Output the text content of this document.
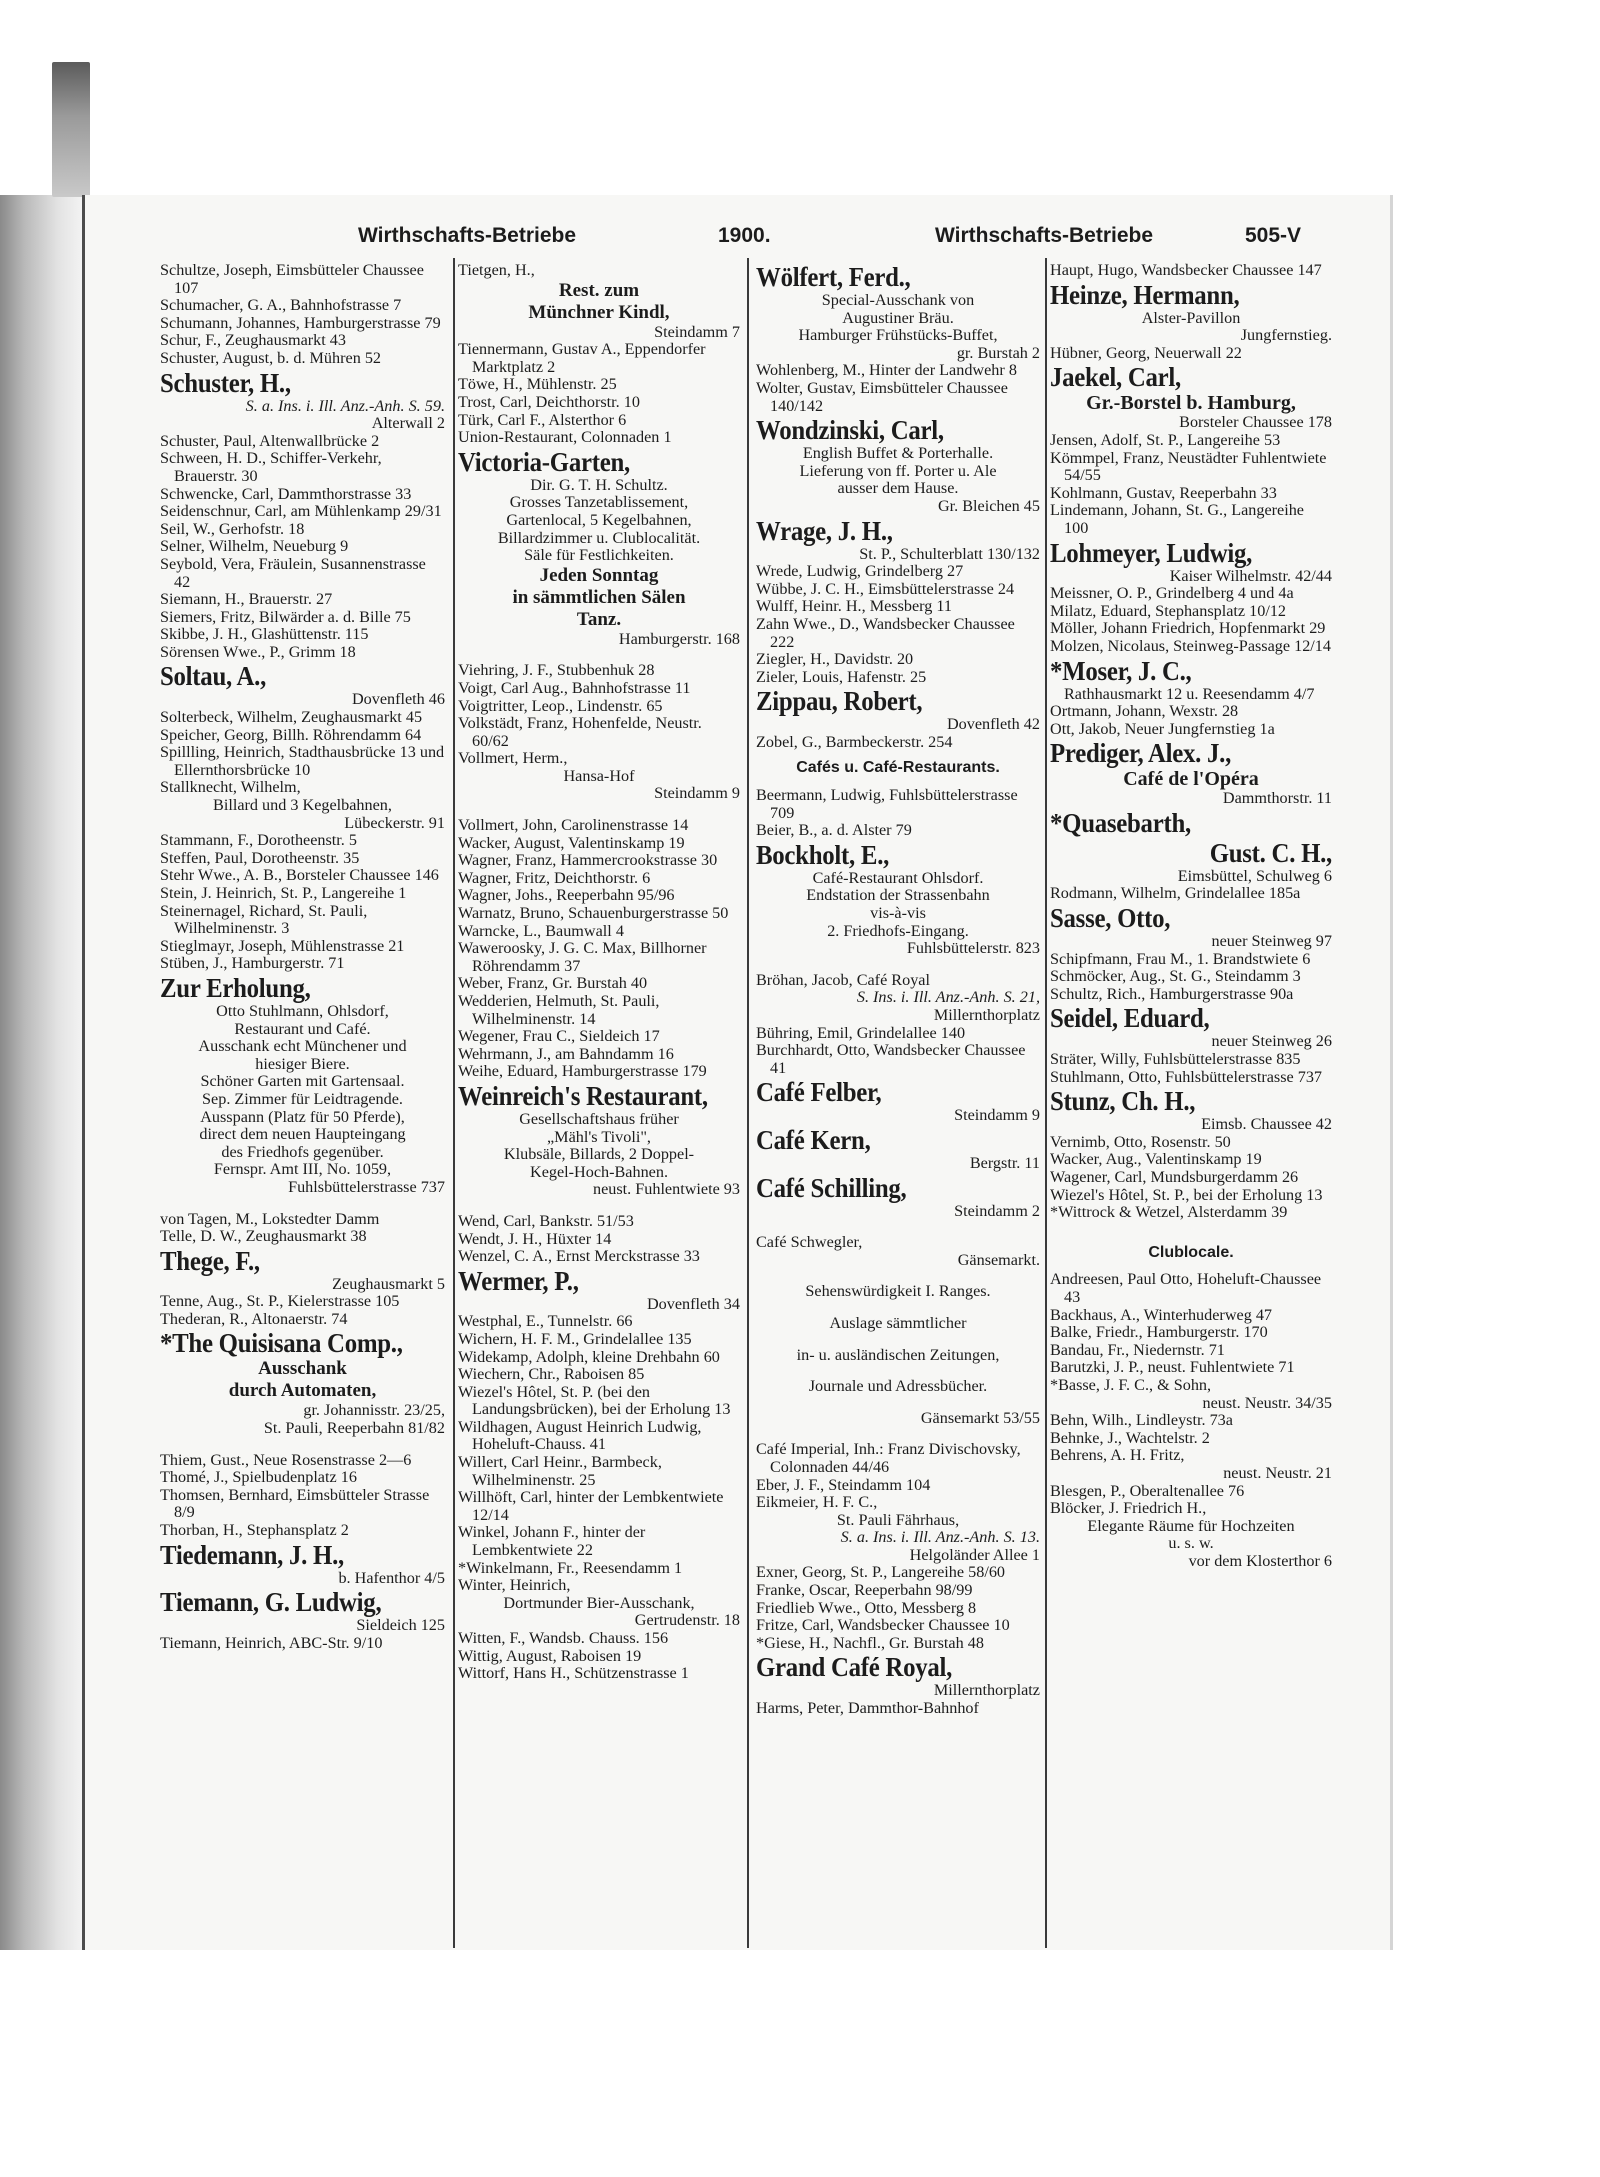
Wirthschafts-Betriebe	1900.	Wirthschafts-Betriebe	505-V
Schultze, Joseph, Eimsbütteler Chaussee 107
Schumacher, G. A., Bahnhofstrasse 7
Schumann, Johannes, Hamburgerstrasse 79
Schur, F., Zeughausmarkt 43
Schuster, August, b. d. Mühren 52
Schuster, H.,
S. a. Ins. i. Ill. Anz.-Anh. S. 59.
Alterwall 2
Schuster, Paul, Altenwallbrücke 2
Schween, H. D., Schiffer-Verkehr, Brauerstr. 30
Schwencke, Carl, Dammthorstrasse 33
Seidenschnur, Carl, am Mühlenkamp 29/31
Seil, W., Gerhofstr. 18
Selner, Wilhelm, Neueburg 9
Seybold, Vera, Fräulein, Susannenstrasse 42
Siemann, H., Brauerstr. 27
Siemers, Fritz, Bilwärder a. d. Bille 75
Skibbe, J. H., Glashüttenstr. 115
Sörensen Wwe., P., Grimm 18
Soltau, A.,
Dovenfleth 46
Solterbeck, Wilhelm, Zeughausmarkt 45
Speicher, Georg, Billh. Röhrendamm 64
Spillling, Heinrich, Stadthausbrücke 13 und Ellernthorsbrücke 10
Stallknecht, Wilhelm,
Billard und 3 Kegelbahnen,
Lübeckerstr. 91
Stammann, F., Dorotheenstr. 5
Steffen, Paul, Dorotheenstr. 35
Stehr Wwe., A. B., Borsteler Chaussee 146
Stein, J. Heinrich, St. P., Langereihe 1
Steinernagel, Richard, St. Pauli, Wilhelminenstr. 3
Stieglmayr, Joseph, Mühlenstrasse 21
Stüben, J., Hamburgerstr. 71
Zur Erholung,
Otto Stuhlmann, Ohlsdorf,
Restaurant und Café.
Ausschank echt Münchener und
hiesiger Biere.
Schöner Garten mit Gartensaal.
Sep. Zimmer für Leidtragende.
Ausspann (Platz für 50 Pferde),
direct dem neuen Haupteingang
des Friedhofs gegenüber.
Fernspr. Amt III, No. 1059,
Fuhlsbüttelerstrasse 737
von Tagen, M., Lokstedter Damm
Telle, D. W., Zeughausmarkt 38
Thege, F.,
Zeughausmarkt 5
Tenne, Aug., St. P., Kielerstrasse 105
Thederan, R., Altonaerstr. 74
*The Quisisana Comp.,
Ausschank
durch Automaten,
gr. Johannisstr. 23/25,
St. Pauli, Reeperbahn 81/82
Thiem, Gust., Neue Rosenstrasse 2—6
Thomé, J., Spielbudenplatz 16
Thomsen, Bernhard, Eimsbütteler Strasse 8/9
Thorban, H., Stephansplatz 2
Tiedemann, J. H.,
b. Hafenthor 4/5
Tiemann, G. Ludwig,
Sieldeich 125
Tiemann, Heinrich, ABC-Str. 9/10
Tietgen, H.,
Rest. zum
Münchner Kindl,
Steindamm 7
Tiennermann, Gustav A., Eppendorfer Marktplatz 2
Töwe, H., Mühlenstr. 25
Trost, Carl, Deichthorstr. 10
Türk, Carl F., Alsterthor 6
Union-Restaurant, Colonnaden 1
Victoria-Garten,
Dir. G. T. H. Schultz.
Grosses Tanzetablissement,
Gartenlocal, 5 Kegelbahnen,
Billardzimmer u. Clublocalität.
Säle für Festlichkeiten.
Jeden Sonntag
in sämmtlichen Sälen
Tanz.
Hamburgerstr. 168
Viehring, J. F., Stubbenhuk 28
Voigt, Carl Aug., Bahnhofstrasse 11
Voigtritter, Leop., Lindenstr. 65
Volkstädt, Franz, Hohenfelde, Neustr. 60/62
Vollmert, Herm.,
Hansa-Hof
Steindamm 9
Vollmert, John, Carolinenstrasse 14
Wacker, August, Valentinskamp 19
Wagner, Franz, Hammercrookstrasse 30
Wagner, Fritz, Deichthorstr. 6
Wagner, Johs., Reeperbahn 95/96
Warnatz, Bruno, Schauenburgerstrasse 50
Warncke, L., Baumwall 4
Waweroosky, J. G. C. Max, Billhorner Röhrendamm 37
Weber, Franz, Gr. Burstah 40
Wedderien, Helmuth, St. Pauli, Wilhelminenstr. 14
Wegener, Frau C., Sieldeich 17
Wehrmann, J., am Bahndamm 16
Weihe, Eduard, Hamburgerstrasse 179
Weinreich's Restaurant,
Gesellschaftshaus früher
„Mähl's Tivoli",
Klubsäle, Billards, 2 Doppel-
Kegel-Hoch-Bahnen.
neust. Fuhlentwiete 93
Wend, Carl, Bankstr. 51/53
Wendt, J. H., Hüxter 14
Wenzel, C. A., Ernst Merckstrasse 33
Wermer, P.,
Dovenfleth 34
Westphal, E., Tunnelstr. 66
Wichern, H. F. M., Grindelallee 135
Widekamp, Adolph, kleine Drehbahn 60
Wiechern, Chr., Raboisen 85
Wiezel's Hôtel, St. P. (bei den Landungsbrücken), bei der Erholung 13
Wildhagen, August Heinrich Ludwig, Hoheluft-Chauss. 41
Willert, Carl Heinr., Barmbeck, Wilhelminenstr. 25
Willhöft, Carl, hinter der Lembkentwiete 12/14
Winkel, Johann F., hinter der Lembkentwiete 22
*Winkelmann, Fr., Reesendamm 1
Winter, Heinrich,
Dortmunder Bier-Ausschank,
Gertrudenstr. 18
Witten, F., Wandsb. Chauss. 156
Wittig, August, Raboisen 19
Wittorf, Hans H., Schützenstrasse 1
Wölfert, Ferd.,
Special-Ausschank von
Augustiner Bräu.
Hamburger Frühstücks-Buffet,
gr. Burstah 2
Wohlenberg, M., Hinter der Landwehr 8
Wolter, Gustav, Eimsbütteler Chaussee 140/142
Wondzinski, Carl,
English Buffet & Porterhalle.
Lieferung von ff. Porter u. Ale
ausser dem Hause.
Gr. Bleichen 45
Wrage, J. H.,
St. P., Schulterblatt 130/132
Wrede, Ludwig, Grindelberg 27
Wübbe, J. C. H., Eimsbüttelerstrasse 24
Wulff, Heinr. H., Messberg 11
Zahn Wwe., D., Wandsbecker Chaussee 222
Ziegler, H., Davidstr. 20
Zieler, Louis, Hafenstr. 25
Zippau, Robert,
Dovenfleth 42
Zobel, G., Barmbeckerstr. 254
Cafés u. Café-Restaurants.
Beermann, Ludwig, Fuhlsbüttelerstrasse 709
Beier, B., a. d. Alster 79
Bockholt, E.,
Café-Restaurant Ohlsdorf.
Endstation der Strassenbahn
vis-à-vis
2. Friedhofs-Eingang.
Fuhlsbüttelerstr. 823
Bröhan, Jacob, Café Royal
S. Ins. i. Ill. Anz.-Anh. S. 21,
Millernthorplatz
Bühring, Emil, Grindelallee 140
Burchhardt, Otto, Wandsbecker Chaussee 41
Café Felber,
Steindamm 9
Café Kern,
Bergstr. 11
Café Schilling,
Steindamm 2
Café Schwegler,
Gänsemarkt.
Sehenswürdigkeit I. Ranges.
Auslage sämmtlicher
in- u. ausländischen Zeitungen,
Journale und Adressbücher.
Gänsemarkt 53/55
Café Imperial, Inh.: Franz Divischovsky, Colonnaden 44/46
Eber, J. F., Steindamm 104
Eikmeier, H. F. C.,
St. Pauli Fährhaus,
S. a. Ins. i. Ill. Anz.-Anh. S. 13.
Helgoländer Allee 1
Exner, Georg, St. P., Langereihe 58/60
Franke, Oscar, Reeperbahn 98/99
Friedlieb Wwe., Otto, Messberg 8
Fritze, Carl, Wandsbecker Chaussee 10
*Giese, H., Nachfl., Gr. Burstah 48
Grand Café Royal,
Millernthorplatz
Harms, Peter, Dammthor-Bahnhof
Haupt, Hugo, Wandsbecker Chaussee 147
Heinze, Hermann,
Alster-Pavillon
Jungfernstieg.
Hübner, Georg, Neuerwall 22
Jaekel, Carl,
Gr.-Borstel b. Hamburg,
Borsteler Chaussee 178
Jensen, Adolf, St. P., Langereihe 53
Kömmpel, Franz, Neustädter Fuhlentwiete 54/55
Kohlmann, Gustav, Reeperbahn 33
Lindemann, Johann, St. G., Langereihe 100
Lohmeyer, Ludwig,
Kaiser Wilhelmstr. 42/44
Meissner, O. P., Grindelberg 4 und 4a
Milatz, Eduard, Stephansplatz 10/12
Möller, Johann Friedrich, Hopfenmarkt 29
Molzen, Nicolaus, Steinweg-Passage 12/14
*Moser, J. C.,
Rathhausmarkt 12 u. Reesendamm 4/7
Ortmann, Johann, Wexstr. 28
Ott, Jakob, Neuer Jungfernstieg 1a
Prediger, Alex. J.,
Café de l'Opéra
Dammthorstr. 11
*Quasebarth,
Gust. C. H.,
Eimsbüttel, Schulweg 6
Rodmann, Wilhelm, Grindelallee 185a
Sasse, Otto,
neuer Steinweg 97
Schipfmann, Frau M., 1. Brandstwiete 6
Schmöcker, Aug., St. G., Steindamm 3
Schultz, Rich., Hamburgerstrasse 90a
Seidel, Eduard,
neuer Steinweg 26
Sträter, Willy, Fuhlsbüttelerstrasse 835
Stuhlmann, Otto, Fuhlsbüttelerstrasse 737
Stunz, Ch. H.,
Eimsb. Chaussee 42
Vernimb, Otto, Rosenstr. 50
Wacker, Aug., Valentinskamp 19
Wagener, Carl, Mundsburgerdamm 26
Wiezel's Hôtel, St. P., bei der Erholung 13
*Wittrock & Wetzel, Alsterdamm 39
Clublocale.
Andreesen, Paul Otto, Hoheluft-Chaussee 43
Backhaus, A., Winterhuderweg 47
Balke, Friedr., Hamburgerstr. 170
Bandau, Fr., Niedernstr. 71
Barutzki, J. P., neust. Fuhlentwiete 71
*Basse, J. F. C., & Sohn,
neust. Neustr. 34/35
Behn, Wilh., Lindleystr. 73a
Behnke, J., Wachtelstr. 2
Behrens, A. H. Fritz,
neust. Neustr. 21
Blesgen, P., Oberaltenallee 76
Blöcker, J. Friedrich H.,
Elegante Räume für Hochzeiten
u. s. w.
vor dem Klosterthor 6
